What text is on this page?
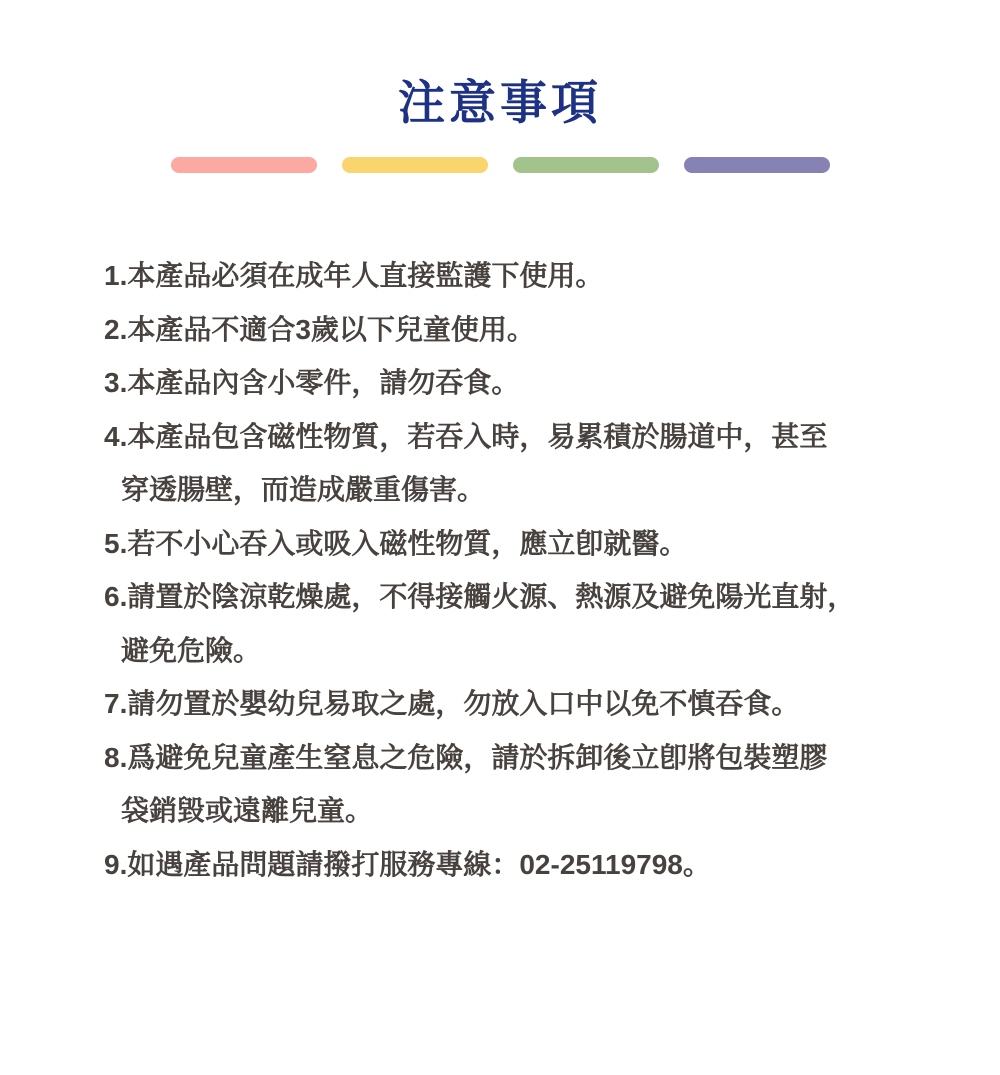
注意事項
1.本產品必須在成年人直接監護下使用。
2.本產品不適合3歲以下兒童使用。
3.本產品內含小零件，請勿吞食。
4.本產品包含磁性物質，若吞入時，易累積於腸道中，甚至
穿透腸壁，而造成嚴重傷害。
5.若不小心吞入或吸入磁性物質，應立卽就醫。
6.請置於陰涼乾燥處，不得接觸火源、熱源及避免陽光直射，
避免危險。
7.請勿置於嬰幼兒易取之處，勿放入口中以免不慎吞食。
8.爲避免兒童產生窒息之危險，請於拆卸後立卽將包裝塑膠
袋銷毀或遠離兒童。
9.如遇產品問題請撥打服務專線：02-25119798。
